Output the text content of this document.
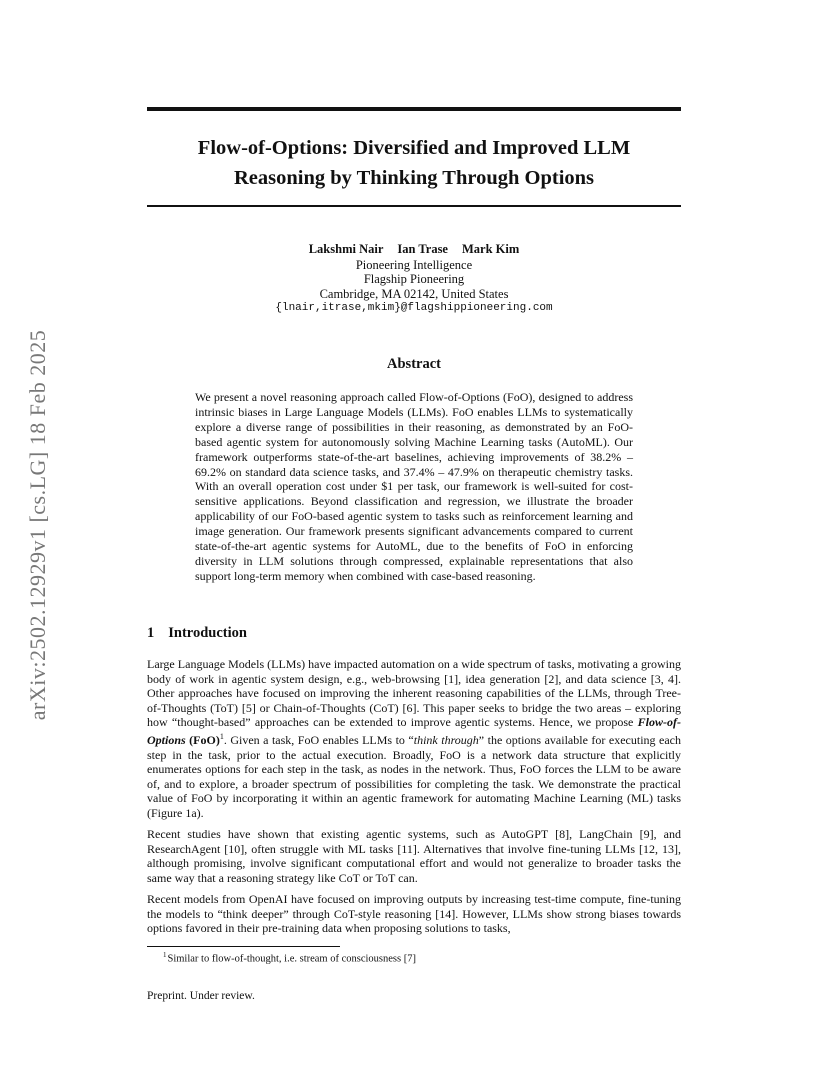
arXiv:2502.12929v1 [cs.LG] 18 Feb 2025
Flow-of-Options: Diversified and Improved LLM
Reasoning by Thinking Through Options
Lakshmi Nair Ian Trase Mark Kim
Pioneering Intelligence
Flagship Pioneering
Cambridge, MA 02142, United States
{lnair,itrase,mkim}@flagshippioneering.com
Abstract
We present a novel reasoning approach called Flow-of-Options (FoO), designed to address intrinsic biases in Large Language Models (LLMs). FoO enables LLMs to systematically explore a diverse range of possibilities in their reasoning, as demonstrated by an FoO-based agentic system for autonomously solving Machine Learning tasks (AutoML). Our framework outperforms state-of-the-art baselines, achieving improvements of 38.2% – 69.2% on standard data science tasks, and 37.4% – 47.9% on therapeutic chemistry tasks. With an overall operation cost under $1 per task, our framework is well-suited for cost-sensitive applications. Beyond classification and regression, we illustrate the broader applicability of our FoO-based agentic system to tasks such as reinforcement learning and image generation. Our framework presents significant advancements compared to current state-of-the-art agentic systems for AutoML, due to the benefits of FoO in enforcing diversity in LLM solutions through compressed, explainable representations that also support long-term memory when combined with case-based reasoning.
1 Introduction

Large Language Models (LLMs) have impacted automation on a wide spectrum of tasks, motivating a growing body of work in agentic system design, e.g., web-browsing [1], idea generation [2], and data science [3, 4]. Other approaches have focused on improving the inherent reasoning capabilities of the LLMs, through Tree-of-Thoughts (ToT) [5] or Chain-of-Thoughts (CoT) [6]. This paper seeks to bridge the two areas – exploring how “thought-based” approaches can be extended to improve agentic systems. Hence, we propose Flow-of-Options (FoO)$^1$. Given a task, FoO enables LLMs to “think through” the options available for executing each step in the task, prior to the actual execution. Broadly, FoO is a network data structure that explicitly enumerates options for each step in the task, as nodes in the network. Thus, FoO forces the LLM to be aware of, and to explore, a broader spectrum of possibilities for completing the task. We demonstrate the practical value of FoO by incorporating it within an agentic framework for automating Machine Learning (ML) tasks (Figure 1a).

Recent studies have shown that existing agentic systems, such as AutoGPT [8], LangChain [9], and ResearchAgent [10], often struggle with ML tasks [11]. Alternatives that involve fine-tuning LLMs [12, 13], although promising, involve significant computational effort and would not generalize to broader tasks the same way that a reasoning strategy like CoT or ToT can.

Recent models from OpenAI have focused on improving outputs by increasing test-time compute, fine-tuning the models to “think deeper” through CoT-style reasoning [14]. However, LLMs show strong biases towards options favored in their pre-training data when proposing solutions to tasks,

$^1$Similar to flow-of-thought, i.e. stream of consciousness [7]
Preprint. Under review.
